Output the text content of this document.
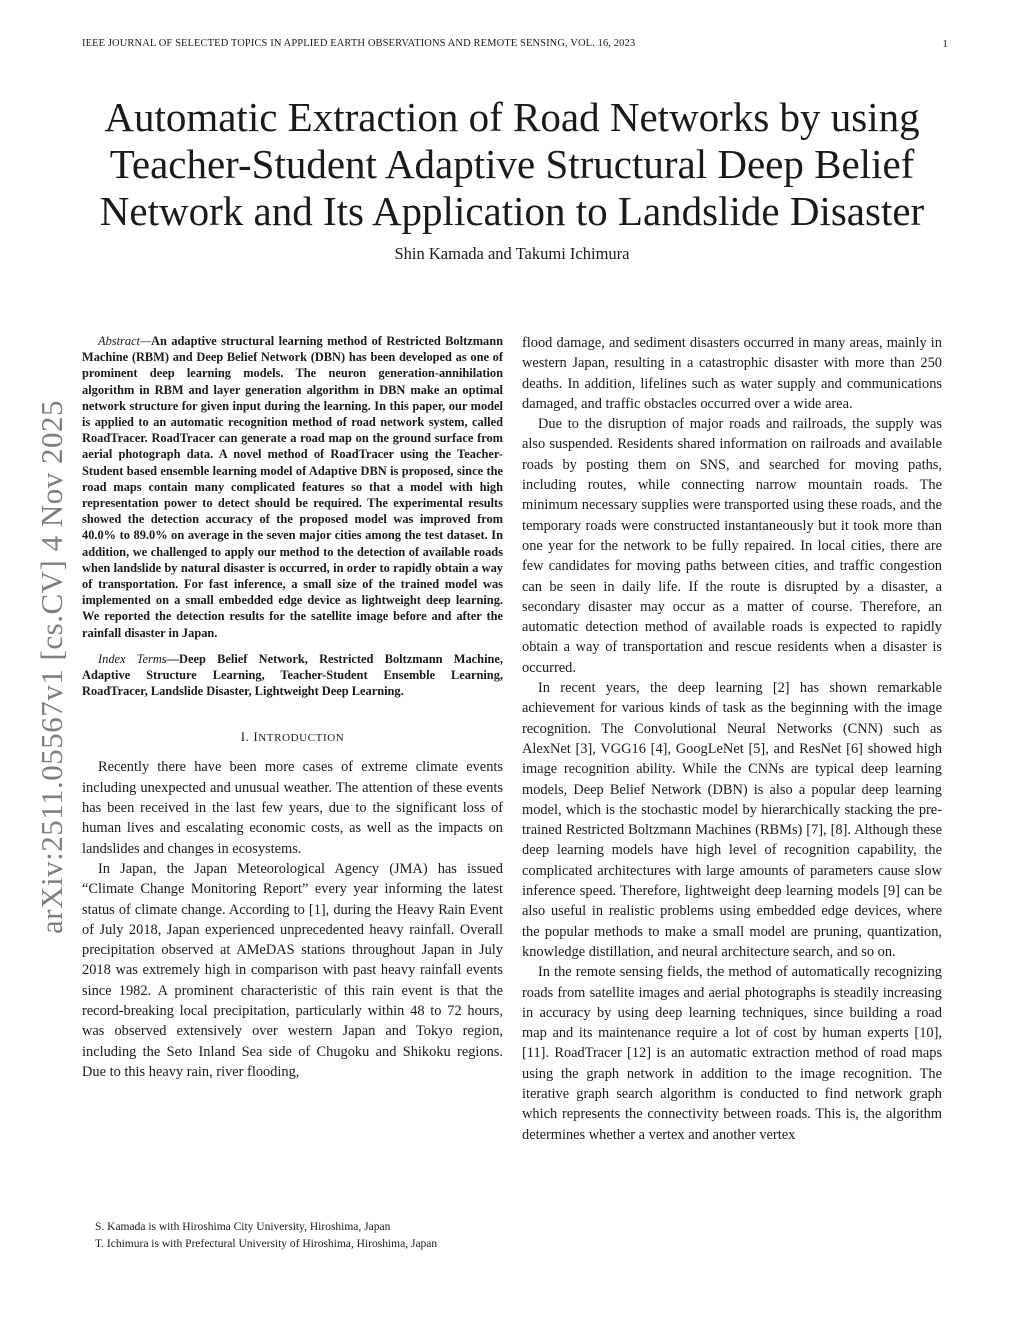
IEEE JOURNAL OF SELECTED TOPICS IN APPLIED EARTH OBSERVATIONS AND REMOTE SENSING, VOL. 16, 2023	1
Automatic Extraction of Road Networks by using
Teacher-Student Adaptive Structural Deep Belief
Network and Its Application to Landslide Disaster
Shin Kamada and Takumi Ichimura
arXiv:2511.05567v1 [cs.CV] 4 Nov 2025

Abstract—An adaptive structural learning method of Restricted Boltzmann Machine (RBM) and Deep Belief Network (DBN) has been developed as one of prominent deep learning models. The neuron generation-annihilation algorithm in RBM and layer generation algorithm in DBN make an optimal network structure for given input during the learning. In this paper, our model is applied to an automatic recognition method of road network system, called RoadTracer. RoadTracer can generate a road map on the ground surface from aerial photograph data. A novel method of RoadTracer using the Teacher-Student based ensemble learning model of Adaptive DBN is proposed, since the road maps contain many complicated features so that a model with high representation power to detect should be required. The experimental results showed the detection accuracy of the proposed model was improved from 40.0% to 89.0% on average in the seven major cities among the test dataset. In addition, we challenged to apply our method to the detection of available roads when landslide by natural disaster is occurred, in order to rapidly obtain a way of transportation. For fast inference, a small size of the trained model was implemented on a small embedded edge device as lightweight deep learning. We reported the detection results for the satellite image before and after the rainfall disaster in Japan.

Index Terms—Deep Belief Network, Restricted Boltzmann Machine, Adaptive Structure Learning, Teacher-Student Ensemble Learning, RoadTracer, Landslide Disaster, Lightweight Deep Learning.

I. INTRODUCTION

Recently there have been more cases of extreme climate events including unexpected and unusual weather. The attention of these events has been received in the last few years, due to the significant loss of human lives and escalating economic costs, as well as the impacts on landslides and changes in ecosystems.

In Japan, the Japan Meteorological Agency (JMA) has issued “Climate Change Monitoring Report” every year informing the latest status of climate change. According to [1], during the Heavy Rain Event of July 2018, Japan experienced unprecedented heavy rainfall. Overall precipitation observed at AMeDAS stations throughout Japan in July 2018 was extremely high in comparison with past heavy rainfall events since 1982. A prominent characteristic of this rain event is that the record-breaking local precipitation, particularly within 48 to 72 hours, was observed extensively over western Japan and Tokyo region, including the Seto Inland Sea side of Chugoku and Shikoku regions. Due to this heavy rain, river flooding,

flood damage, and sediment disasters occurred in many areas, mainly in western Japan, resulting in a catastrophic disaster with more than 250 deaths. In addition, lifelines such as water supply and communications damaged, and traffic obstacles occurred over a wide area.

Due to the disruption of major roads and railroads, the supply was also suspended. Residents shared information on railroads and available roads by posting them on SNS, and searched for moving paths, including routes, while connecting narrow mountain roads. The minimum necessary supplies were transported using these roads, and the temporary roads were constructed instantaneously but it took more than one year for the network to be fully repaired. In local cities, there are few candidates for moving paths between cities, and traffic congestion can be seen in daily life. If the route is disrupted by a disaster, a secondary disaster may occur as a matter of course. Therefore, an automatic detection method of available roads is expected to rapidly obtain a way of transportation and rescue residents when a disaster is occurred.

In recent years, the deep learning [2] has shown remarkable achievement for various kinds of task as the beginning with the image recognition. The Convolutional Neural Networks (CNN) such as AlexNet [3], VGG16 [4], GoogLeNet [5], and ResNet [6] showed high image recognition ability. While the CNNs are typical deep learning models, Deep Belief Network (DBN) is also a popular deep learning model, which is the stochastic model by hierarchically stacking the pre-trained Restricted Boltzmann Machines (RBMs) [7], [8]. Although these deep learning models have high level of recognition capability, the complicated architectures with large amounts of parameters cause slow inference speed. Therefore, lightweight deep learning models [9] can be also useful in realistic problems using embedded edge devices, where the popular methods to make a small model are pruning, quantization, knowledge distillation, and neural architecture search, and so on.

In the remote sensing fields, the method of automatically recognizing roads from satellite images and aerial photographs is steadily increasing in accuracy by using deep learning techniques, since building a road map and its maintenance require a lot of cost by human experts [10], [11]. RoadTracer [12] is an automatic extraction method of road maps using the graph network in addition to the image recognition. The iterative graph search algorithm is conducted to find network graph which represents the connectivity between roads. This is, the algorithm determines whether a vertex and another vertex

S. Kamada is with Hiroshima City University, Hiroshima, Japan
T. Ichimura is with Prefectural University of Hiroshima, Hiroshima, Japan
